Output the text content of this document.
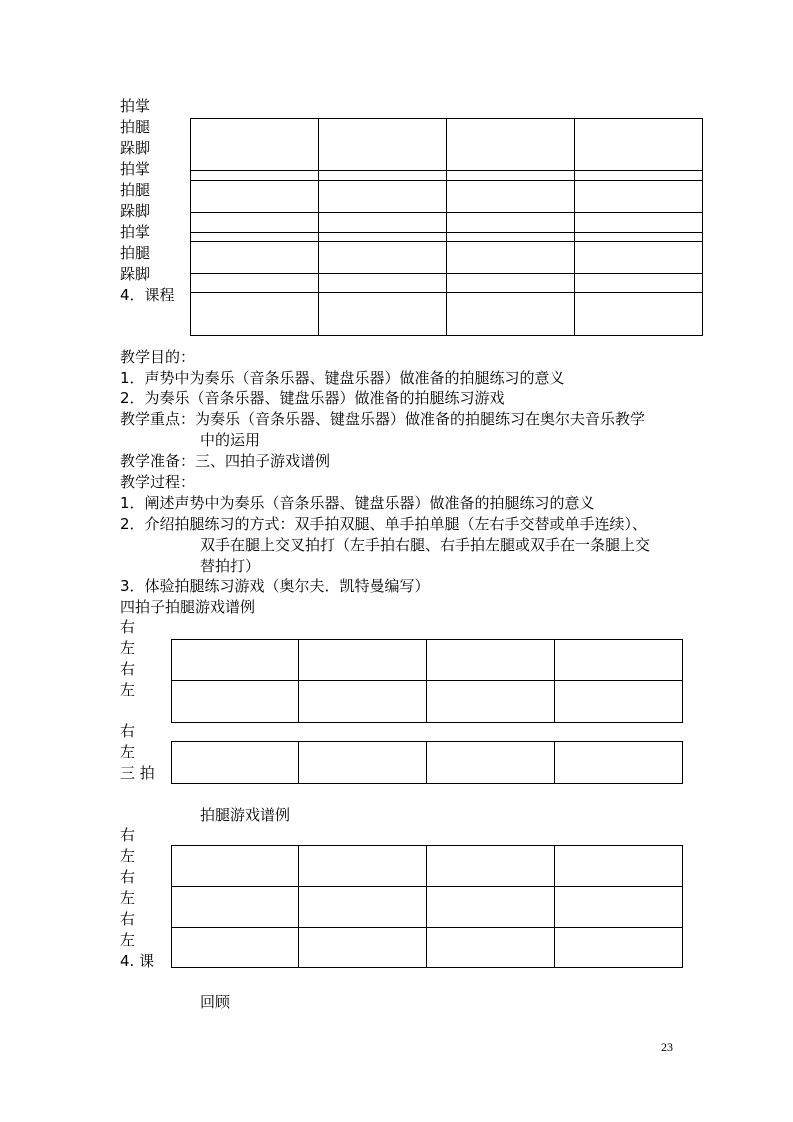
拍掌
拍腿
跺脚
拍掌
拍腿
跺脚
拍掌
拍腿
跺脚
4．课程

教学目的：
1．声势中为奏乐（音条乐器、键盘乐器）做准备的拍腿练习的意义
2．为奏乐（音条乐器、键盘乐器）做准备的拍腿练习游戏
教学重点：为奏乐（音条乐器、键盘乐器）做准备的拍腿练习在奥尔夫音乐教学
中的运用
教学准备：三、四拍子游戏谱例
教学过程：
1．阐述声势中为奏乐（音条乐器、键盘乐器）做准备的拍腿练习的意义
2．介绍拍腿练习的方式：双手拍双腿、单手拍单腿（左右手交替或单手连续）、
双手在腿上交叉拍打（左手拍右腿、右手拍左腿或双手在一条腿上交
替拍打）
3．体验拍腿练习游戏（奥尔夫．凯特曼编写）
四拍子拍腿游戏谱例
右
左
右
左
右
左
三 拍

拍腿游戏谱例
右
左
右
左
右
左
4. 课

回顾
23
